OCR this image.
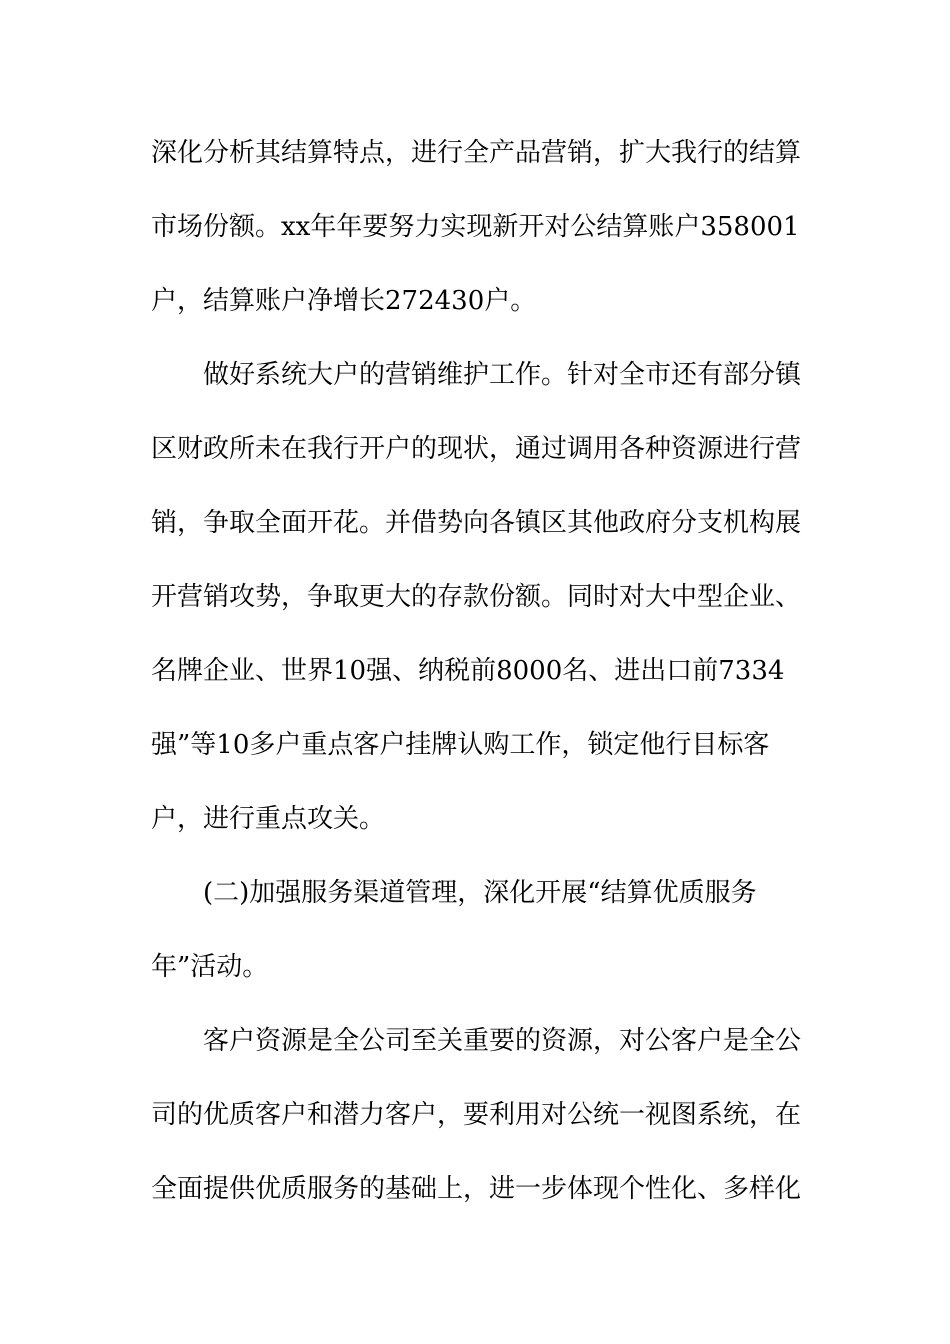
深化分析其结算特点，进行全产品营销，扩大我行的结算
市场份额。xx年年要努力实现新开对公结算账户358001
户，结算账户净增长272430户。
做好系统大户的营销维护工作。针对全市还有部分镇
区财政所未在我行开户的现状，通过调用各种资源进行营
销，争取全面开花。并借势向各镇区其他政府分支机构展
开营销攻势，争取更大的存款份额。同时对大中型企业、
名牌企业、世界10强、纳税前8000名、进出口前7334
强”等10多户重点客户挂牌认购工作，锁定他行目标客
户，进行重点攻关。
(二)加强服务渠道管理，深化开展“结算优质服务
年”活动。
客户资源是全公司至关重要的资源，对公客户是全公
司的优质客户和潜力客户，要利用对公统一视图系统，在
全面提供优质服务的基础上，进一步体现个性化、多样化
